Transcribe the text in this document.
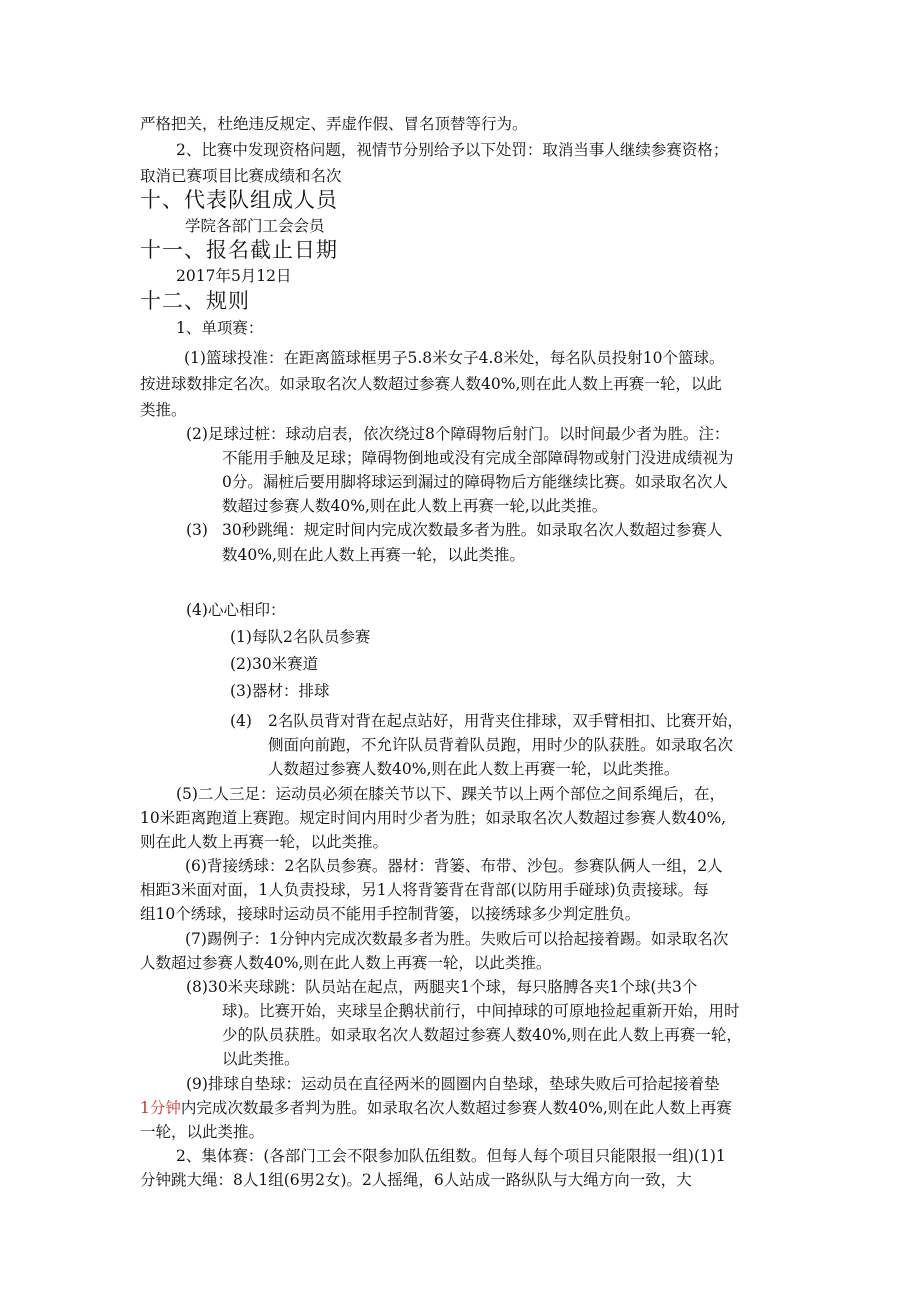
严格把关，杜绝违反规定、弄虚作假、冒名顶替等行为。
2、比赛中发现资格问题，视情节分别给予以下处罚：取消当事人继续参赛资格；
取消已赛项目比赛成绩和名次
十、代表队组成人员
学院各部门工会会员
十一、报名截止日期
2017年5月12日
十二、规则
1、单项赛：
(1)篮球投准：在距离篮球框男子5.8米女子4.8米处，每名队员投射10个篮球。
按进球数排定名次。如录取名次人数超过参赛人数40%,则在此人数上再赛一轮，以此
类推。
(2)足球过桩：球动启表，依次绕过8个障碍物后射门。以时间最少者为胜。注：
不能用手触及足球；障碍物倒地或没有完成全部障碍物或射门没进成绩视为
0分。漏桩后要用脚将球运到漏过的障碍物后方能继续比赛。如录取名次人
数超过参赛人数40%,则在此人数上再赛一轮,以此类推。
(3) 30秒跳绳：规定时间内完成次数最多者为胜。如录取名次人数超过参赛人
数40%,则在此人数上再赛一轮，以此类推。
(4)心心相印：
(1)每队2名队员参赛
(2)30米赛道
(3)器材：排球
(4) 2名队员背对背在起点站好，用背夹住排球，双手臂相扣、比赛开始，
侧面向前跑，不允许队员背着队员跑，用时少的队获胜。如录取名次
人数超过参赛人数40%,则在此人数上再赛一轮，以此类推。
(5)二人三足：运动员必须在膝关节以下、踝关节以上两个部位之间系绳后，在，
10米距离跑道上赛跑。规定时间内用时少者为胜；如录取名次人数超过参赛人数40%,
则在此人数上再赛一轮，以此类推。
(6)背接绣球：2名队员参赛。器材：背篓、布带、沙包。参赛队俩人一组，2人
相距3米面对面，1人负责投球，另1人将背篓背在背部(以防用手碰球)负责接球。每
组10个绣球，接球时运动员不能用手控制背篓，以接绣球多少判定胜负。
(7)踢例子：1分钟内完成次数最多者为胜。失败后可以拾起接着踢。如录取名次
人数超过参赛人数40%,则在此人数上再赛一轮，以此类推。
(8)30米夹球跳：队员站在起点，两腿夹1个球，每只胳膊各夹1个球(共3个
球)。比赛开始，夹球呈企鹅状前行，中间掉球的可原地捡起重新开始，用时
少的队员获胜。如录取名次人数超过参赛人数40%,则在此人数上再赛一轮，
以此类推。
(9)排球自垫球：运动员在直径两米的圆圈内自垫球，垫球失败后可拾起接着垫
1分钟内完成次数最多者判为胜。如录取名次人数超过参赛人数40%,则在此人数上再赛
一轮，以此类推。
2、集体赛：(各部门工会不限参加队伍组数。但每人每个项目只能限报一组)(1)1
分钟跳大绳：8人1组(6男2女)。2人摇绳，6人站成一路纵队与大绳方向一致，大
